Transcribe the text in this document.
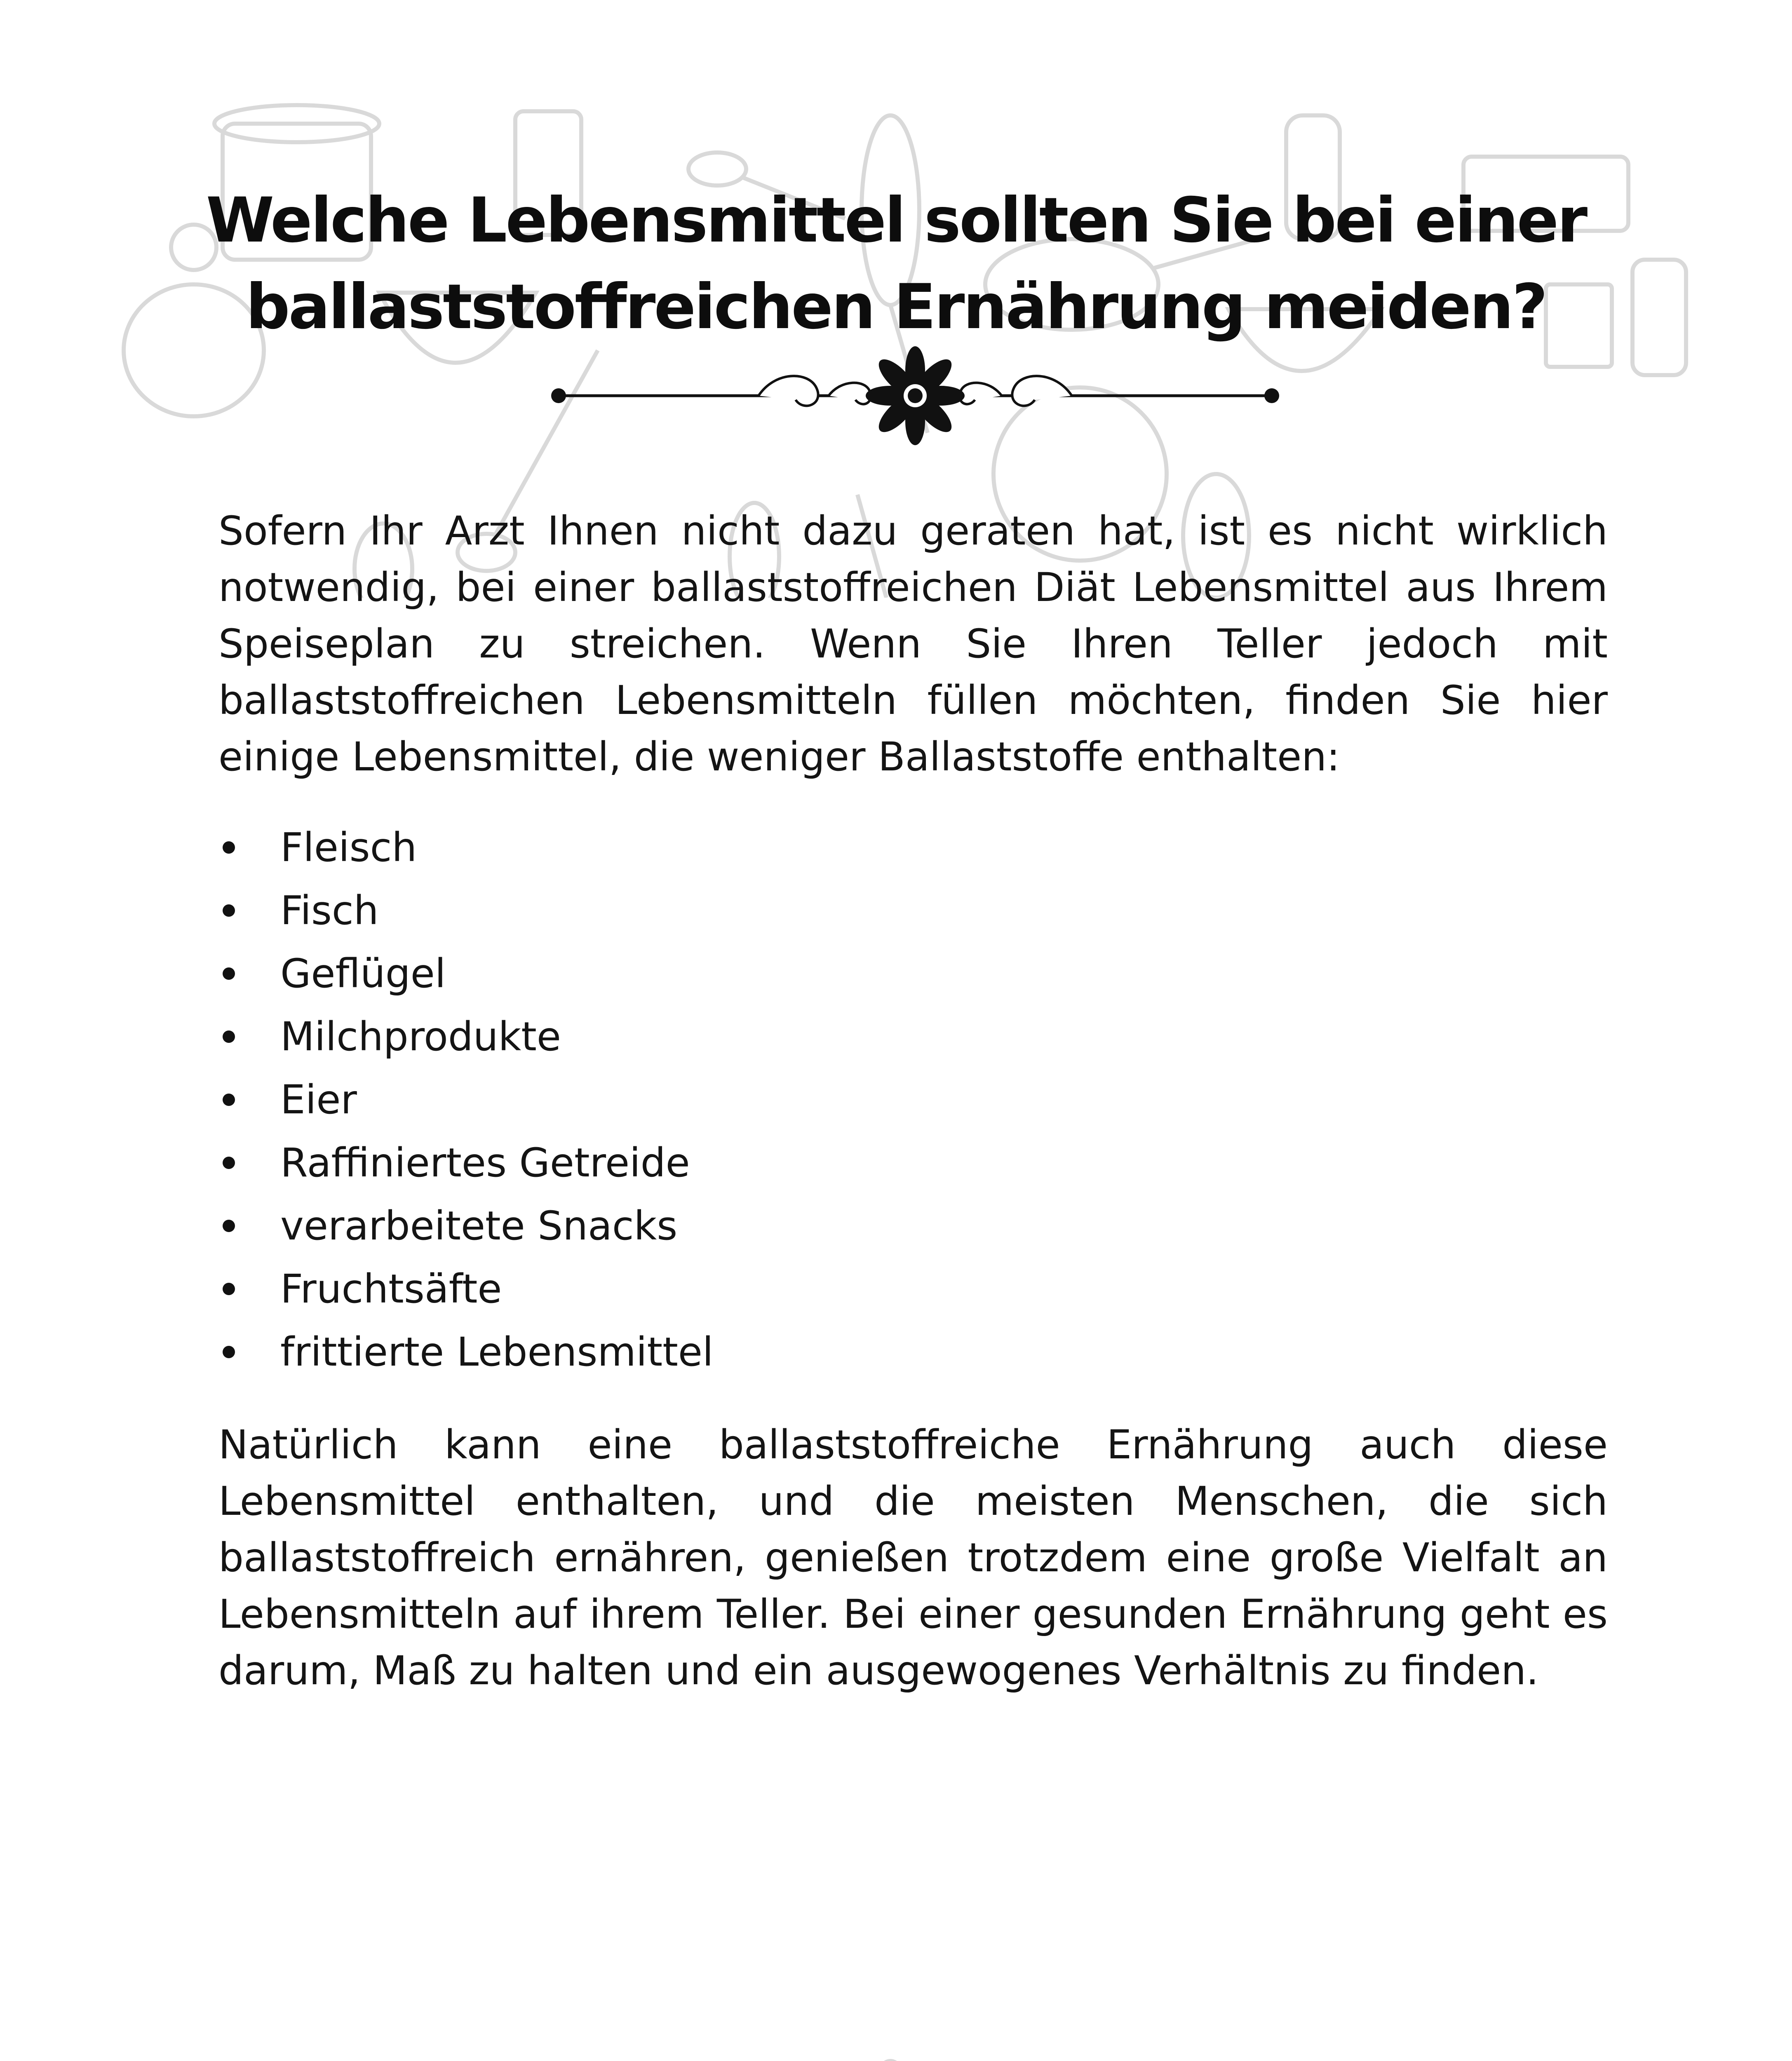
Welche Lebensmittel sollten Sie bei einer ballaststoffreichen Ernährung meiden?

Sofern Ihr Arzt Ihnen nicht dazu geraten hat, ist es nicht wirklich notwendig, bei einer ballaststoffreichen Diät Lebensmittel aus Ihrem Speiseplan zu streichen. Wenn Sie Ihren Teller jedoch mit ballaststoffreichen Lebensmitteln füllen möchten, finden Sie hier einige Lebensmittel, die weniger Ballaststoffe enthalten:

Fleisch
Fisch
Geflügel
Milchprodukte
Eier
Raffiniertes Getreide
verarbeitete Snacks
Fruchtsäfte
frittierte Lebensmittel

Natürlich kann eine ballaststoffreiche Ernährung auch diese Lebensmittel enthalten, und die meisten Menschen, die sich ballaststoffreich ernähren, genießen trotzdem eine große Vielfalt an Lebensmitteln auf ihrem Teller. Bei einer gesunden Ernährung geht es darum, Maß zu halten und ein ausgewogenes Verhältnis zu finden.
